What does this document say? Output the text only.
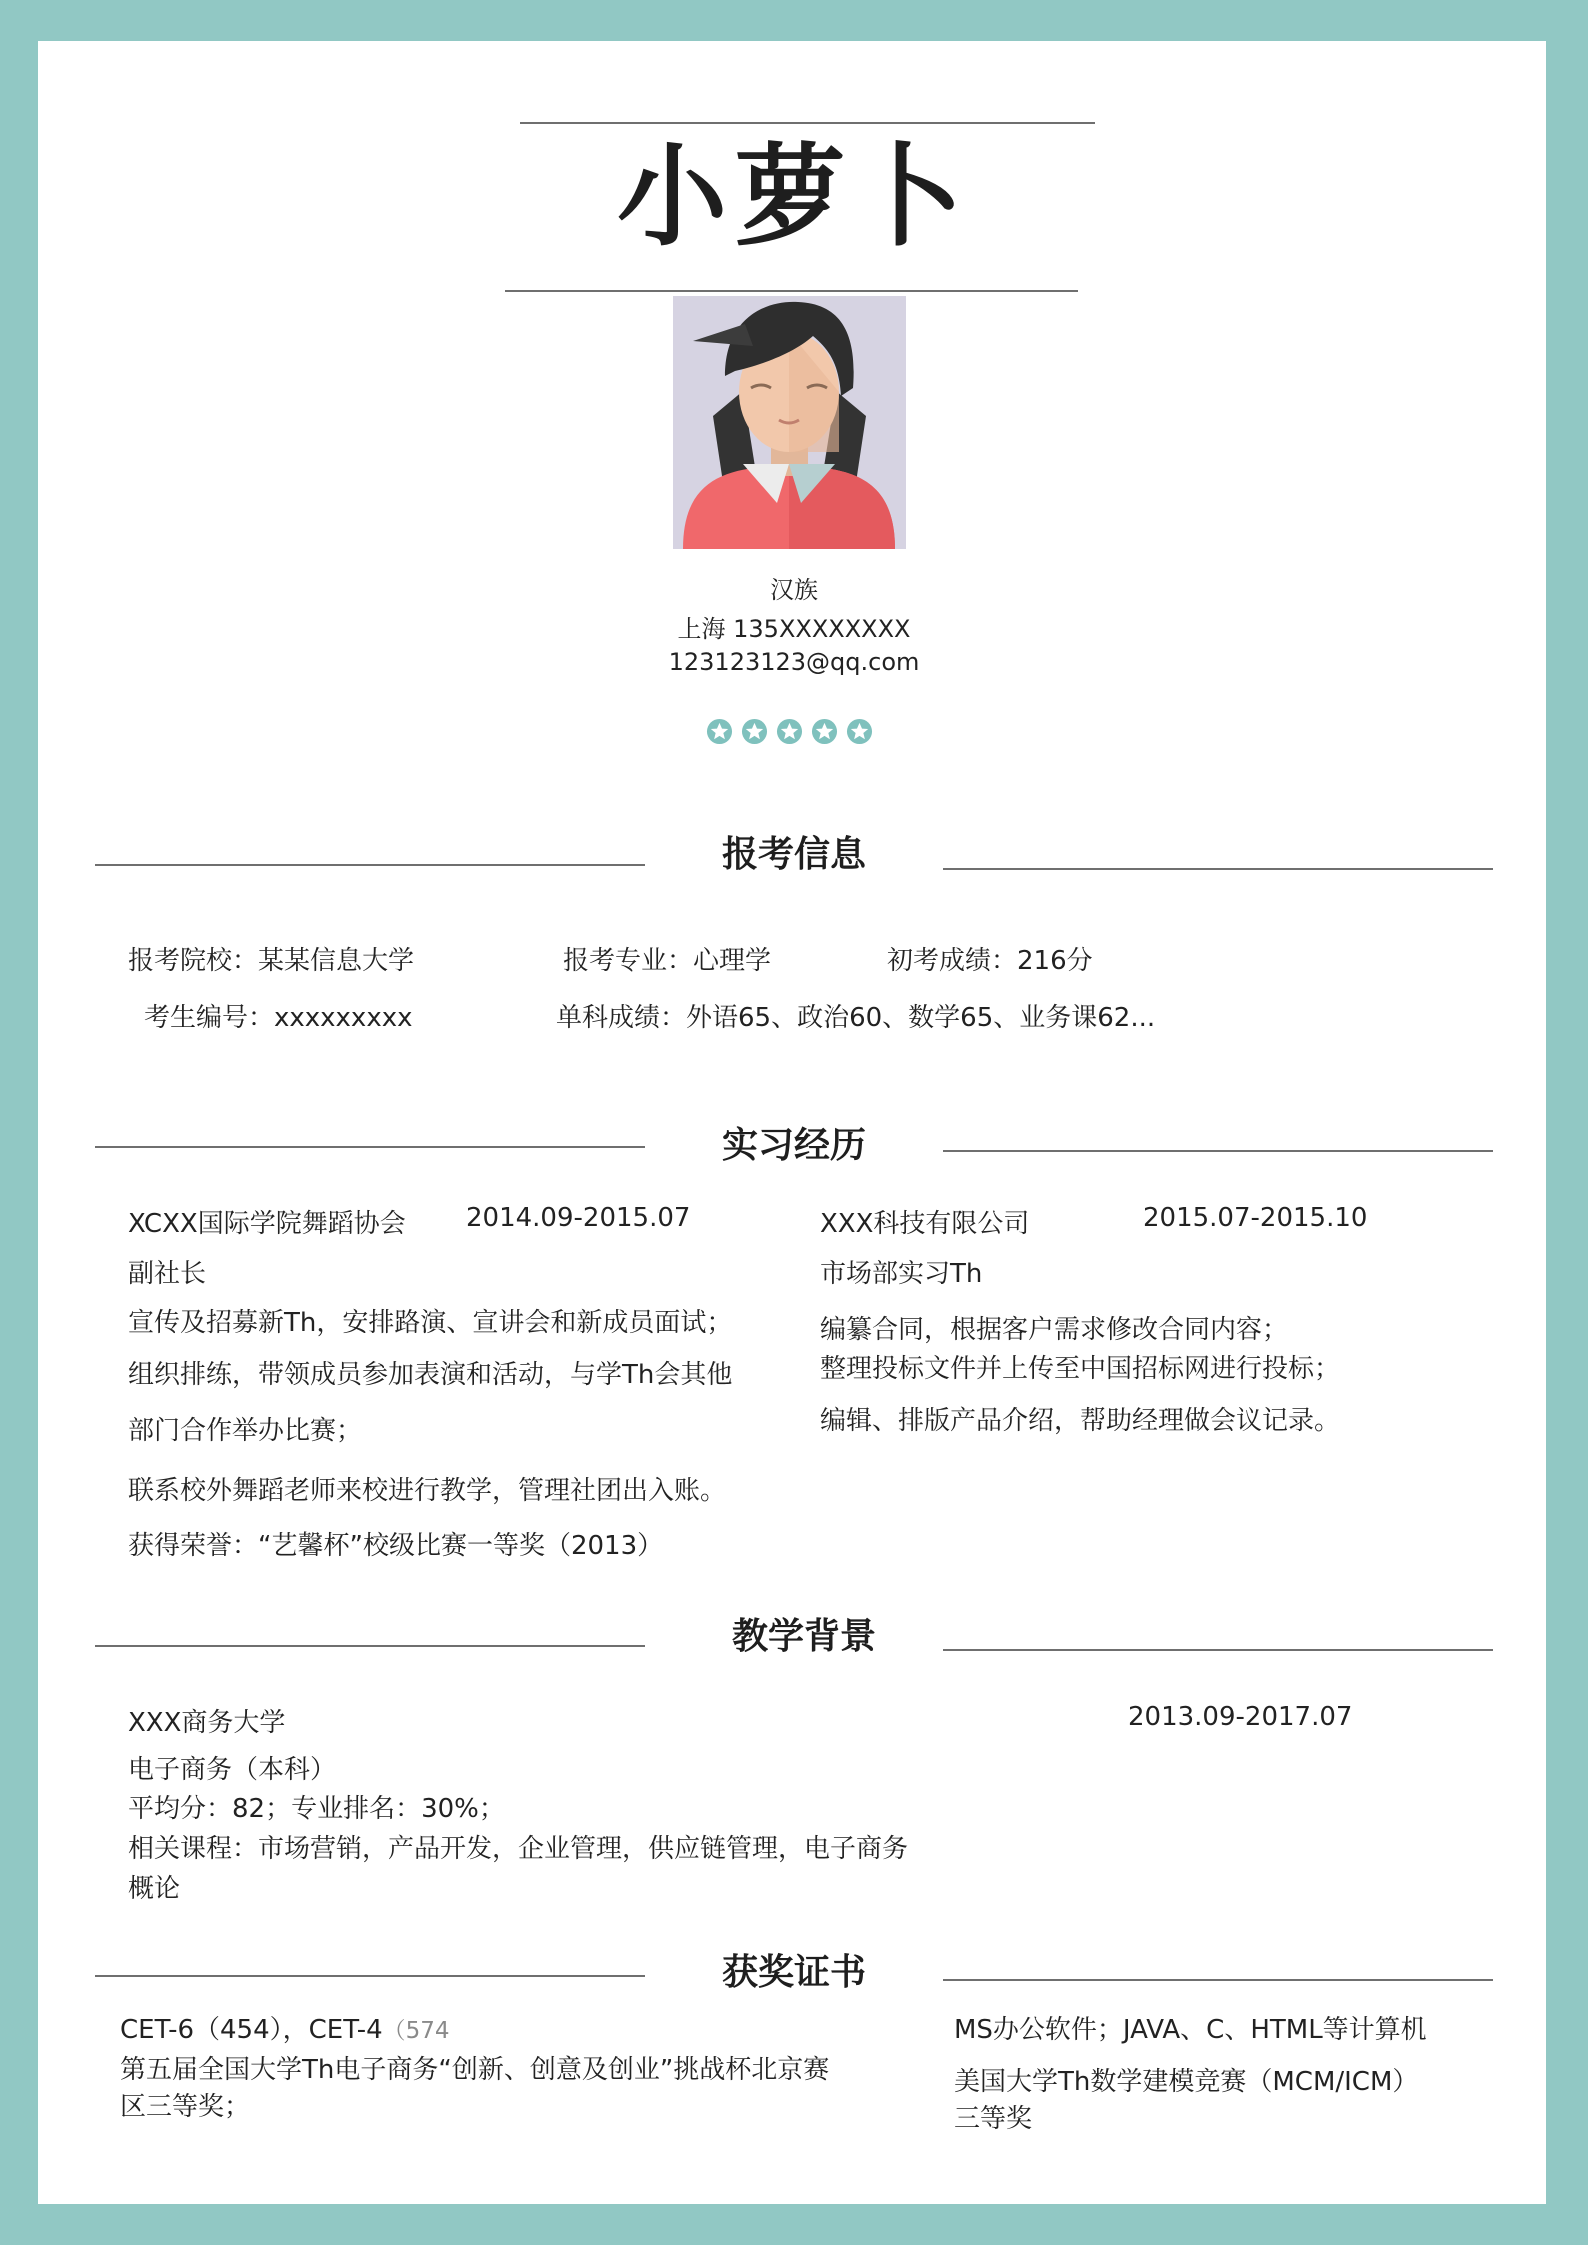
小萝卜
汉族
上海 135XXXXXXXX
123123123@qq.com
报考信息
报考院校：某某信息大学	报考专业：心理学	初考成绩：216分
考生编号：xxxxxxxxx	单科成绩：外语65、政治60、数学65、业务课62...
实习经历
XCXX国际学院舞蹈协会 2014.09-2015.07
副社长
宣传及招募新Th，安排路演、宣讲会和新成员面试；
组织排练，带领成员参加表演和活动，与学Th会其他
部门合作举办比赛；
联系校外舞蹈老师来校进行教学，管理社团出入账。
获得荣誉：“艺馨杯”校级比赛一等奖（2013）
XXX科技有限公司	2015.07-2015.10
市场部实习Th
编纂合同，根据客户需求修改合同内容；
整理投标文件并上传至中国招标网进行投标；
编辑、排版产品介绍，帮助经理做会议记录。
教学背景
XXX商务大学	2013.09-2017.07
电子商务（本科）
平均分：82；专业排名：30%；
相关课程：市场营销，产品开发，企业管理，供应链管理，电子商务
概论
获奖证书
CET-6（454），CET-4（574
第五届全国大学Th电子商务“创新、创意及创业”挑战杯北京赛
区三等奖；
MS办公软件；JAVA、C、HTML等计算机
美国大学Th数学建模竞赛（MCM/ICM）
三等奖
